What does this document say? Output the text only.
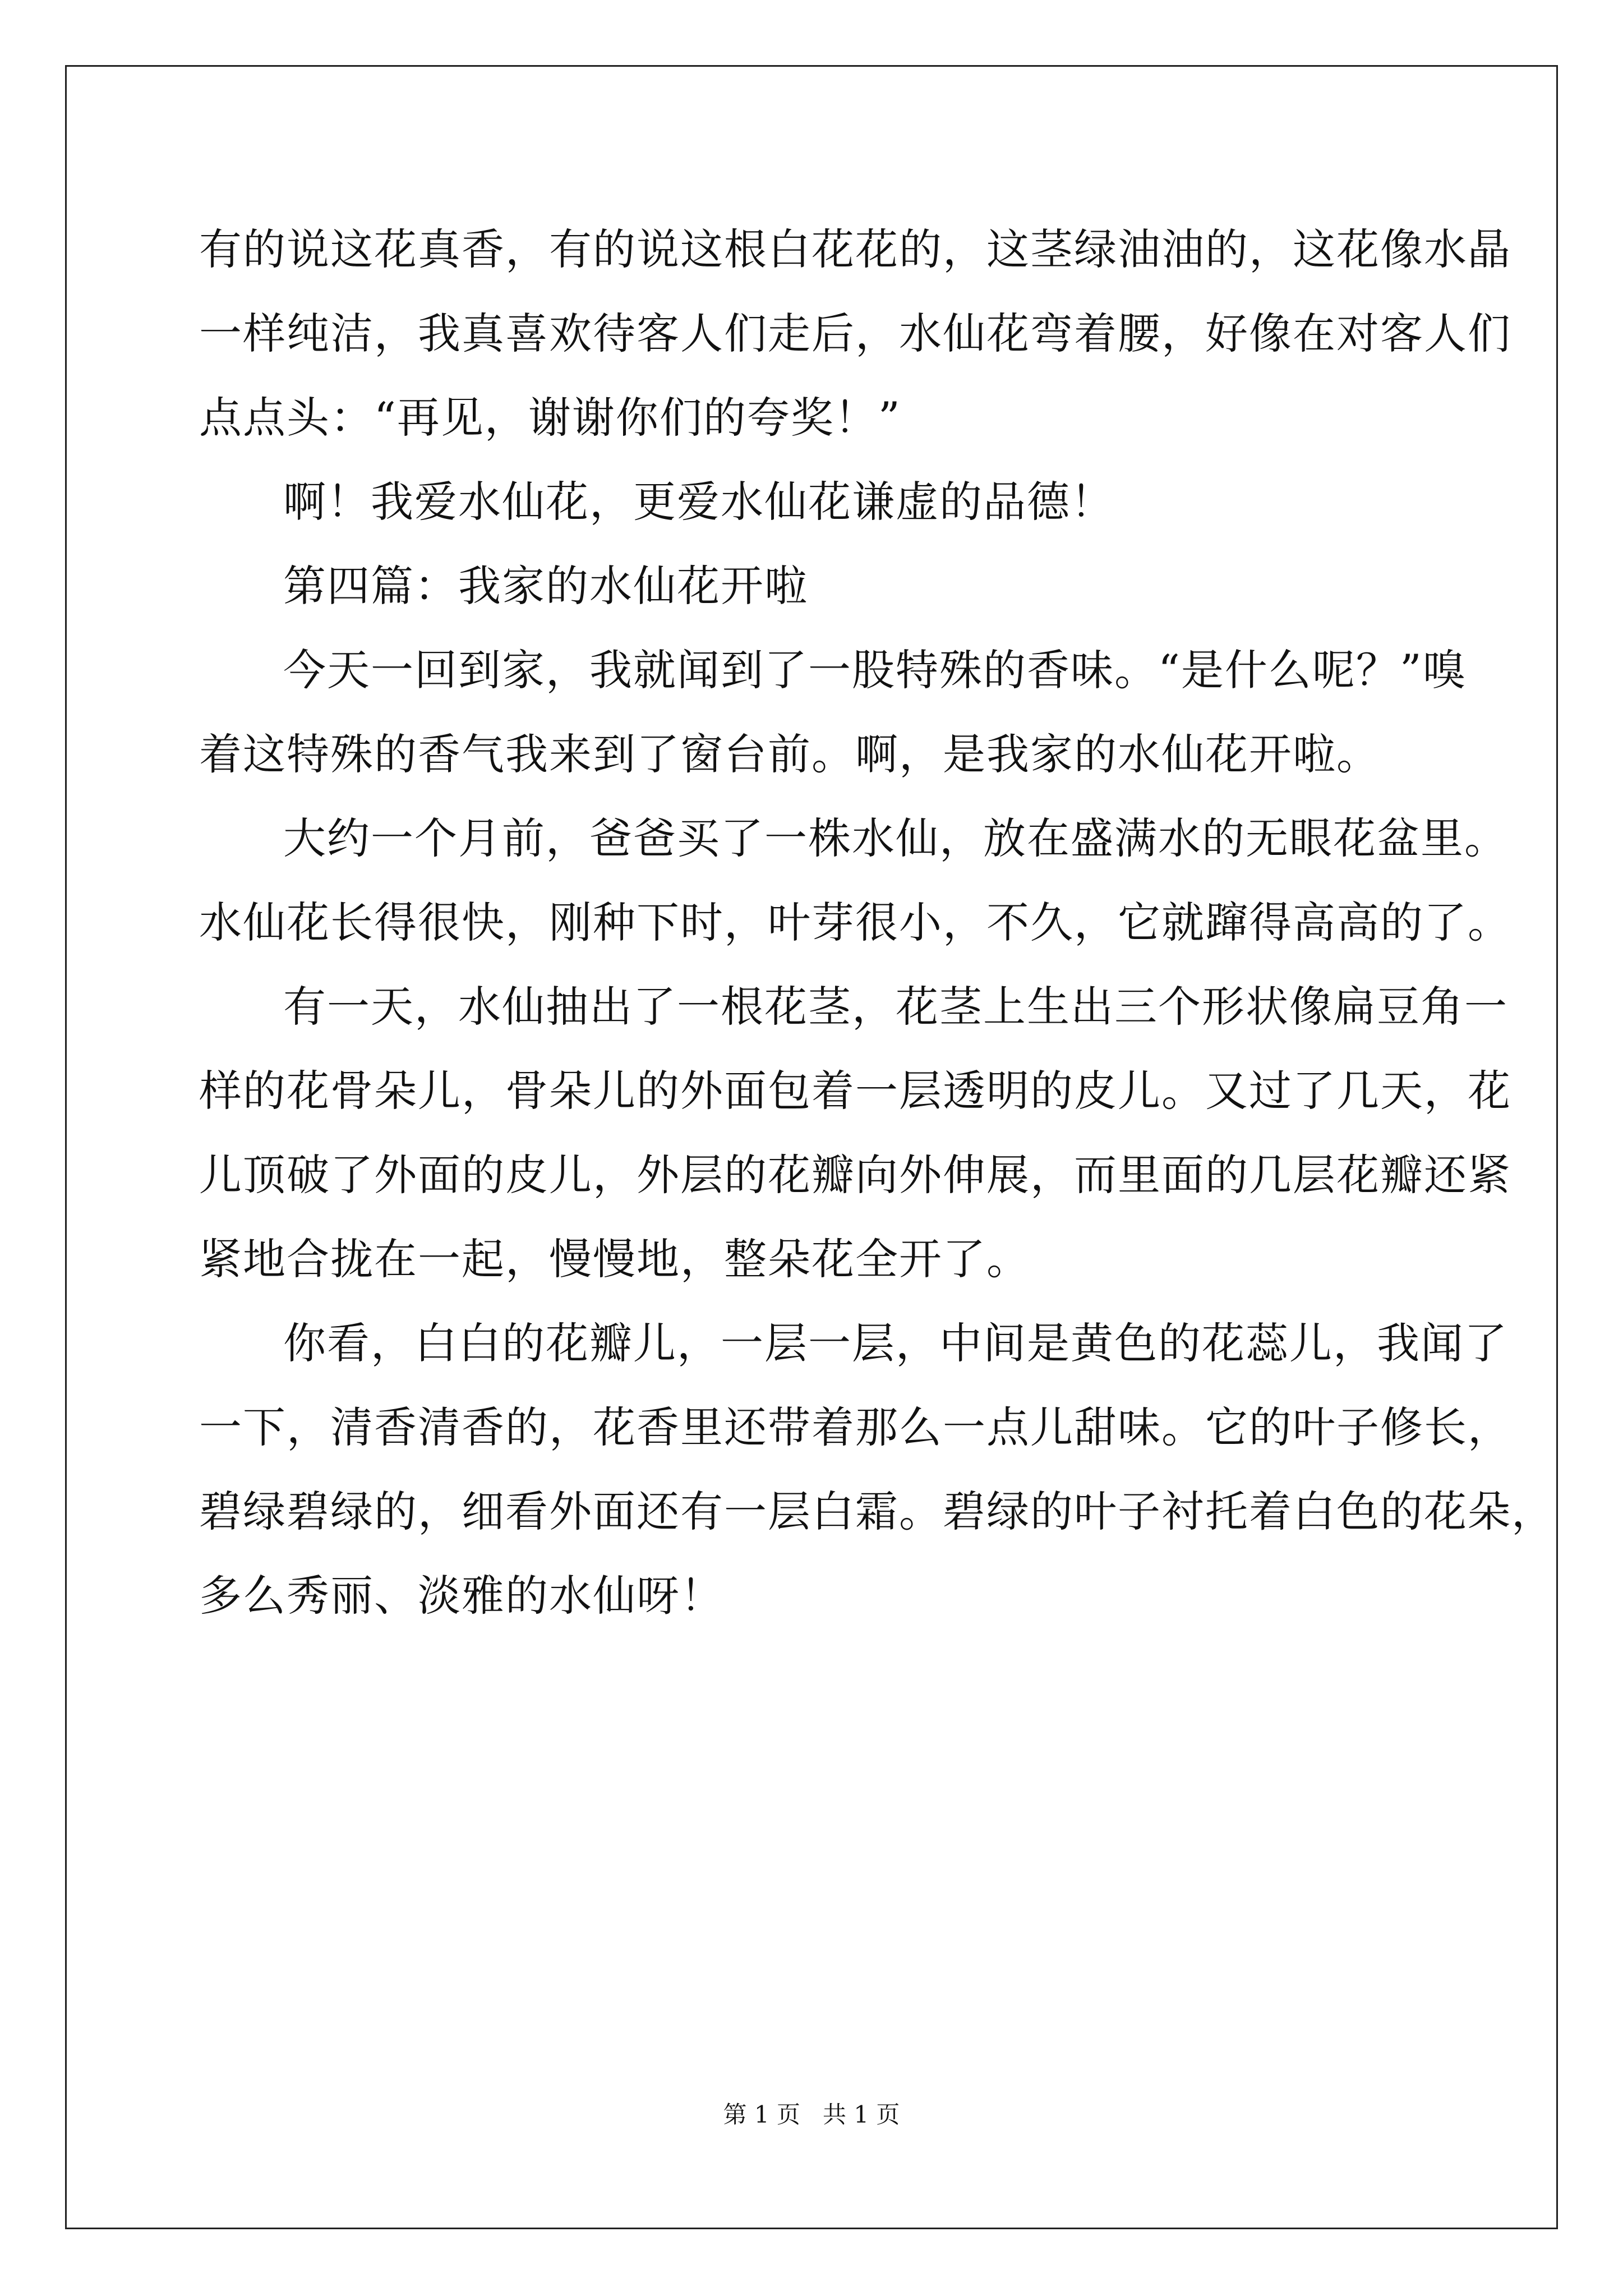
有的说这花真香，有的说这根白花花的，这茎绿油油的，这花像水晶
一样纯洁，我真喜欢待客人们走后，水仙花弯着腰，好像在对客人们
点点头：“再见，谢谢你们的夸奖！”
啊！我爱水仙花，更爱水仙花谦虚的品德！
第四篇：我家的水仙花开啦
今天一回到家，我就闻到了一股特殊的香味。“是什么呢？”嗅
着这特殊的香气我来到了窗台前。啊，是我家的水仙花开啦。
大约一个月前，爸爸买了一株水仙，放在盛满水的无眼花盆里。
水仙花长得很快，刚种下时，叶芽很小，不久，它就蹿得高高的了。
有一天，水仙抽出了一根花茎，花茎上生出三个形状像扁豆角一
样的花骨朵儿，骨朵儿的外面包着一层透明的皮儿。又过了几天，花
儿顶破了外面的皮儿，外层的花瓣向外伸展，而里面的几层花瓣还紧
紧地合拢在一起，慢慢地，整朵花全开了。
你看，白白的花瓣儿，一层一层，中间是黄色的花蕊儿，我闻了
一下，清香清香的，花香里还带着那么一点儿甜味。它的叶子修长，
碧绿碧绿的，细看外面还有一层白霜。碧绿的叶子衬托着白色的花朵，
多么秀丽、淡雅的水仙呀！
第 1 页 共 1 页
